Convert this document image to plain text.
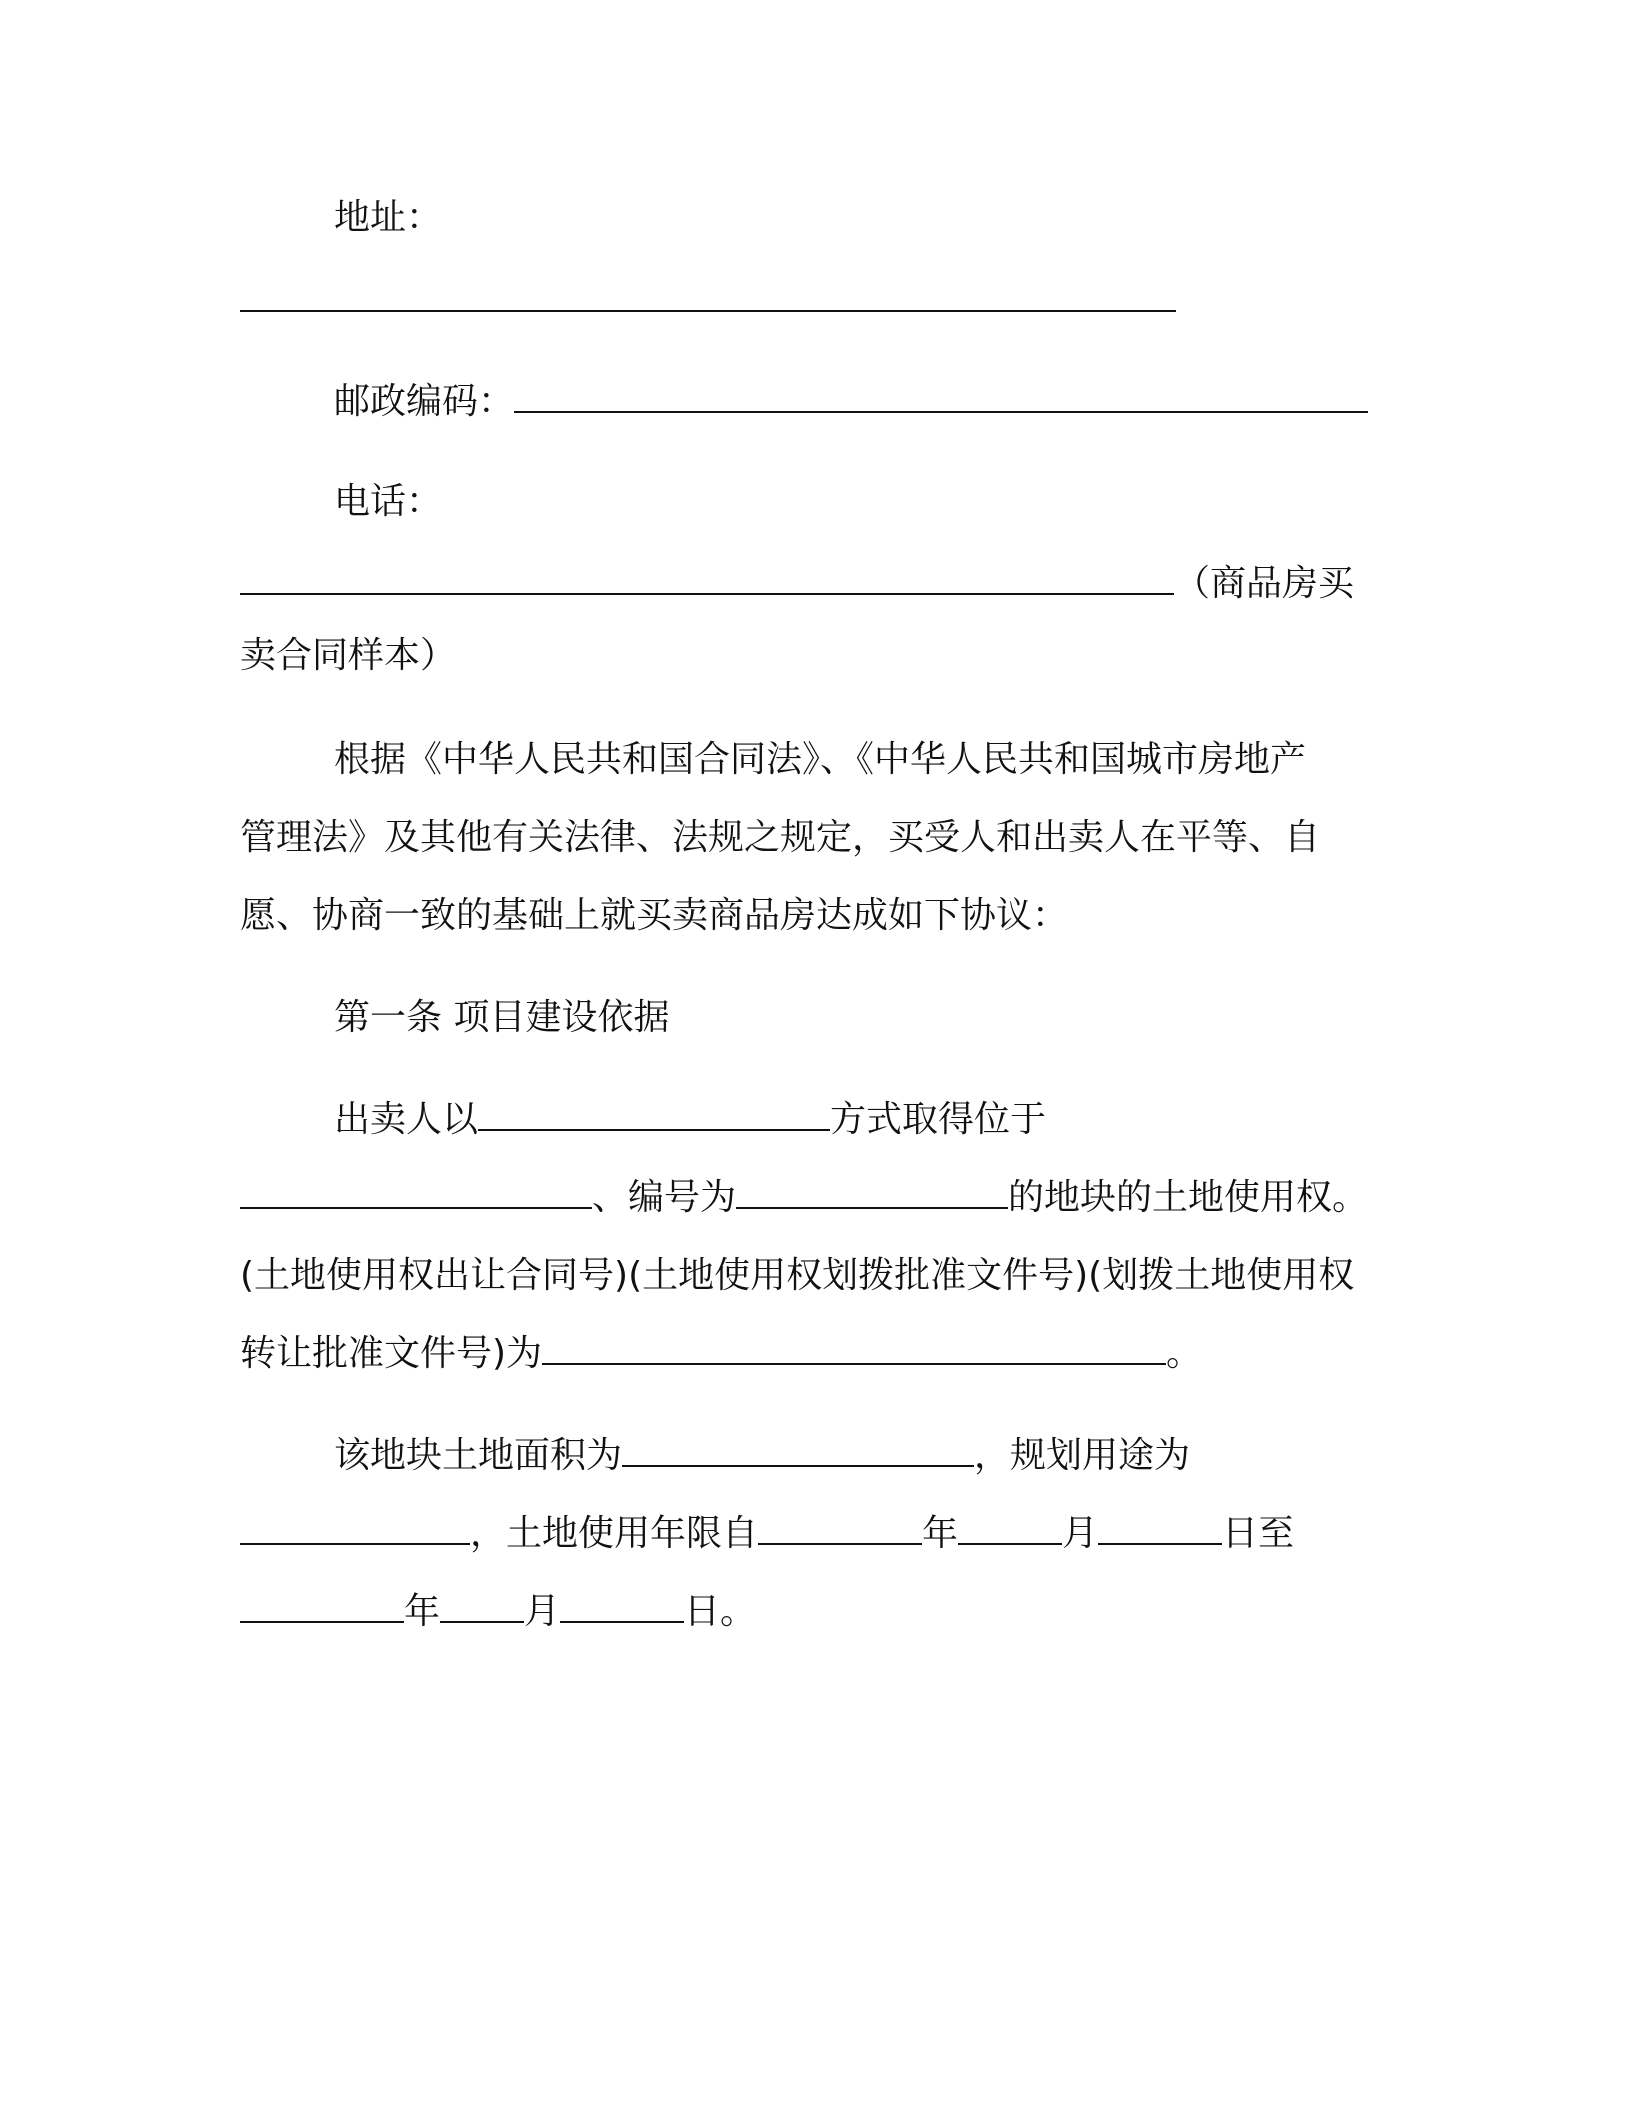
地址：
邮政编码：
电话：
（商品房买
卖合同样本）
根据《中华人民共和国合同法》、《中华人民共和国城市房地产
管理法》及其他有关法律、法规之规定，买受人和出卖人在平等、自
愿、协商一致的基础上就买卖商品房达成如下协议：
第一条 项目建设依据
出卖人以	方式取得位于
、编号为	的地块的土地使用权。
(土地使用权出让合同号)(土地使用权划拨批准文件号)(划拨土地使用权
转让批准文件号)为	。
该地块土地面积为	，规划用途为
，土地使用年限自	年	月	日至
年 月	日。
